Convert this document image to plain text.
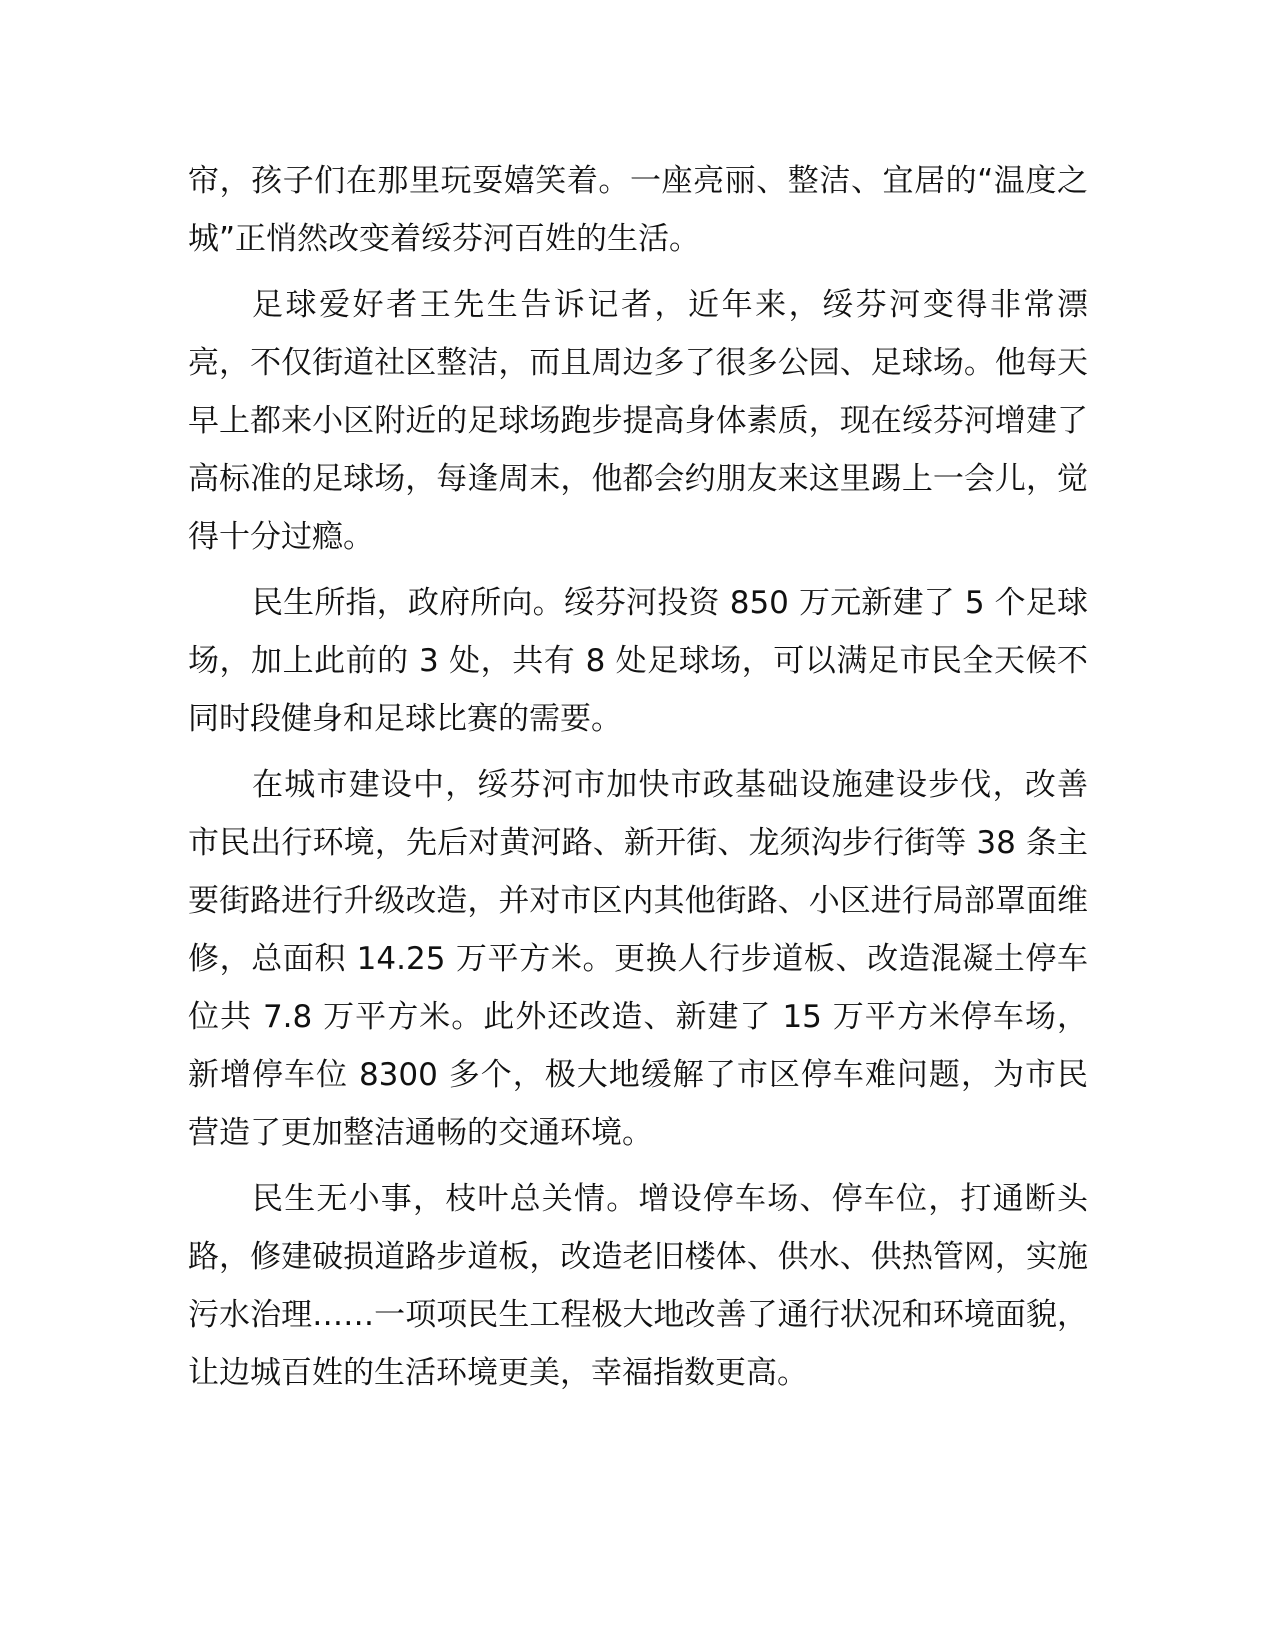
帘，孩子们在那里玩耍嬉笑着。一座亮丽、整洁、宜居的“温度之城”正悄然改变着绥芬河百姓的生活。

足球爱好者王先生告诉记者，近年来，绥芬河变得非常漂亮，不仅街道社区整洁，而且周边多了很多公园、足球场。他每天早上都来小区附近的足球场跑步提高身体素质，现在绥芬河增建了高标准的足球场，每逢周末，他都会约朋友来这里踢上一会儿，觉得十分过瘾。

民生所指，政府所向。绥芬河投资 850 万元新建了 5 个足球场，加上此前的 3 处，共有 8 处足球场，可以满足市民全天候不同时段健身和足球比赛的需要。

在城市建设中，绥芬河市加快市政基础设施建设步伐，改善市民出行环境，先后对黄河路、新开街、龙须沟步行街等 38 条主要街路进行升级改造，并对市区内其他街路、小区进行局部罩面维修，总面积 14.25 万平方米。更换人行步道板、改造混凝土停车位共 7.8 万平方米。此外还改造、新建了 15 万平方米停车场，新增停车位 8300 多个，极大地缓解了市区停车难问题，为市民营造了更加整洁通畅的交通环境。

民生无小事，枝叶总关情。增设停车场、停车位，打通断头路，修建破损道路步道板，改造老旧楼体、供水、供热管网，实施污水治理……一项项民生工程极大地改善了通行状况和环境面貌，让边城百姓的生活环境更美，幸福指数更高。
